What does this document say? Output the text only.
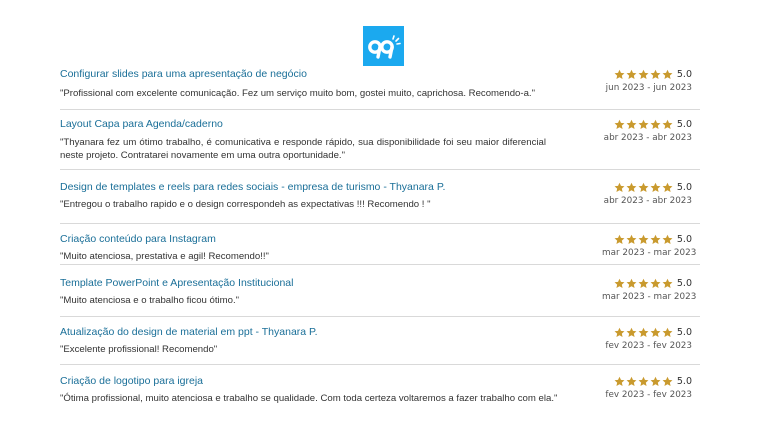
Configurar slides para uma apresentação de negócio
"Profissional com excelente comunicação. Fez um serviço muito bom, gostei muito, caprichosa. Recomendo-a."
5.0
jun 2023 - jun 2023
Layout Capa para Agenda/caderno
"Thyanara fez um ótimo trabalho, é comunicativa e responde rápido, sua disponibilidade foi seu maior diferencial neste projeto. Contratarei novamente em uma outra oportunidade."
5.0
abr 2023 - abr 2023
Design de templates e reels para redes sociais - empresa de turismo - Thyanara P.
"Entregou o trabalho rapido e o design correspondeh as expectativas !!! Recomendo ! "
5.0
abr 2023 - abr 2023
Criação conteúdo para Instagram
"Muito atenciosa, prestativa e agil! Recomendo!!"
5.0
mar 2023 - mar 2023
Template PowerPoint e Apresentação Institucional
"Muito atenciosa e o trabalho ficou ótimo."
5.0
mar 2023 - mar 2023
Atualização do design de material em ppt - Thyanara P.
"Excelente profissional! Recomendo"
5.0
fev 2023 - fev 2023
Criação de logotipo para igreja
"Ótima profissional, muito atenciosa e trabalho se qualidade. Com toda certeza voltaremos a fazer trabalho com ela."
5.0
fev 2023 - fev 2023
